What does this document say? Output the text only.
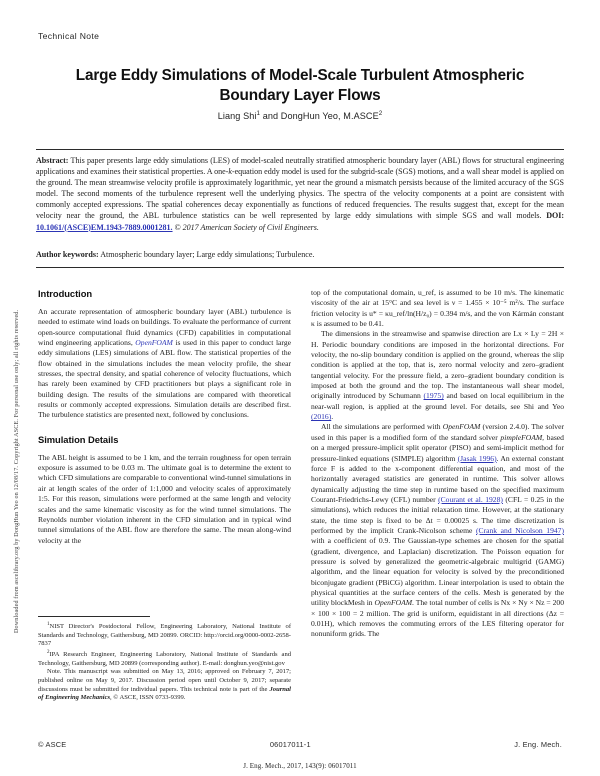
Downloaded from ascelibrary.org by DongHun Yeo on 12/08/17. Copyright ASCE. For personal use only; all rights reserved.
Technical Note
Large Eddy Simulations of Model-Scale Turbulent Atmospheric Boundary Layer Flows
Liang Shi$^1$ and DongHun Yeo, M.ASCE$^2$
Abstract: This paper presents large eddy simulations (LES) of model-scaled neutrally stratified atmospheric boundary layer (ABL) flows for structural engineering applications and examines their statistical properties. A one-k-equation eddy model is used for the subgrid-scale (SGS) motions, and a wall shear model is applied on the ground. The mean streamwise velocity profile is approximately logarithmic, yet near the ground a mismatch persists because of the limited accuracy of the SGS model. The second moments of the turbulence represent well the underlying physics. The spectra of the velocity components at a point are consistent with commonly accepted expressions. The spatial coherences decay exponentially as functions of reduced frequencies. The results suggest that, except for the mean velocity near the ground, the ABL turbulence statistics can be well represented by large eddy simulations with simple SGS and wall models. DOI: 10.1061/(ASCE)EM.1943-7889.0001281. © 2017 American Society of Civil Engineers.
Author keywords: Atmospheric boundary layer; Large eddy simulations; Turbulence.
Introduction

An accurate representation of atmospheric boundary layer (ABL) turbulence is needed to estimate wind loads on buildings. To evaluate the performance of current open-source computational fluid dynamics (CFD) capabilities in computational wind engineering applications, OpenFOAM is used in this paper to conduct large eddy simulations (LES) simulations of ABL flow. The statistical properties of the flow obtained in the simulations includes the mean velocity profile, the shear stresses, the spectral density, and spatial coherence of velocity fluctuations, which has rarely been examined by CFD practitioners but plays a significant role in building design. The results of the simulations are compared with theoretical results or commonly accepted expressions. Simulation details are described first. The turbulence statistics are presented next, followed by conclusions.

Simulation Details

The ABL height is assumed to be 1 km, and the terrain roughness for open terrain exposure is assumed to be 0.03 m. The ultimate goal is to determine the extent to which CFD simulations are comparable to conventional wind-tunnel simulations in air at length scales of the order of 1:1,000 and velocity scales of approximately 1:5. For this reason, simulations were performed at the same length and velocity scales and the same kinematic viscosity as for the wind tunnel simulations. The Reynolds number violation inherent in the CFD simulation and in typical wind tunnel simulations of the ABL flow are therefore the same. The mean along-wind velocity at the

$^1$NIST Director's Postdoctoral Fellow, Engineering Laboratory, National Institute of Standards and Technology, Gaithersburg, MD 20899. ORCID: http://orcid.org/0000-0002-2658-7837

$^2$IPA Research Engineer, Engineering Laboratory, National Institute of Standards and Technology, Gaithersburg, MD 20899 (corresponding author). E-mail: donghun.yeo@nist.gov

Note. This manuscript was submitted on May 13, 2016; approved on February 7, 2017; published online on May 9, 2017. Discussion period open until October 9, 2017; separate discussions must be submitted for individual papers. This technical note is part of the Journal of Engineering Mechanics, © ASCE, ISSN 0733-9399.

top of the computational domain, u_ref, is assumed to be 10 m/s. The kinematic viscosity of the air at 15°C and sea level is ν = 1.455 × 10⁻⁵ m²/s. The surface friction velocity is u* = κu_ref/ln(H/z₀) = 0.394 m/s, and the von Kármán constant κ is assumed to be 0.41.

The dimensions in the streamwise and spanwise direction are Lx × Ly = 2H × H. Periodic boundary conditions are imposed in the horizontal directions. For velocity, the no-slip boundary condition is applied on the ground, whereas the slip condition is applied at the top, that is, zero normal velocity and zero–gradient tangential velocity. For the pressure field, a zero–gradient boundary condition is imposed at both the ground and the top. The instantaneous wall shear model, originally introduced by Schumann (1975) and based on local equilibrium in the near-wall region, is applied at the ground level. For details, see Shi and Yeo (2016).

All the simulations are performed with OpenFOAM (version 2.4.0). The solver used in this paper is a modified form of the standard solver pimpleFOAM, based on a merged pressure-implicit split operator (PISO) and semi-implicit method for pressure-linked equations (SIMPLE) algorithm (Jasak 1996). An external constant force F is added to the x-component differential equation, and most of the horizontally averaged statistics are generated in runtime. This solver allows dynamically adjusting the time step in runtime based on the specified maximum Courant-Friedrichs-Lewy (CFL) number (Courant et al. 1928) (CFL = 0.25 in the simulations), which reduces the initial relaxation time. However, at the stationary state, the time step is fixed to be Δt = 0.00025 s. The time discretization is performed by the implicit Crank-Nicolson scheme (Crank and Nicolson 1947) with a coefficient of 0.9. The Gaussian-type schemes are chosen for the spatial (gradient, divergence, and Laplacian) discretization. The Poisson equation for pressure is solved by generalized the geometric-algebraic multigrid (GAMG) algorithm, and the linear equation for velocity is solved by the preconditioned biconjugate gradient (PBiCG) algorithm. Linear interpolation is used to obtain the physical quantities at the surface centers of the cells. Mesh is generated by the utility blockMesh in OpenFOAM. The total number of cells is Nx × Ny × Nz = 200 × 100 × 100 = 2 million. The grid is uniform, equidistant in all directions (Δz = 0.01H), which removes the commuting errors of the LES filtering operator for nonuniform grids. The

© ASCE	06017011-1	J. Eng. Mech.
J. Eng. Mech., 2017, 143(9): 06017011
